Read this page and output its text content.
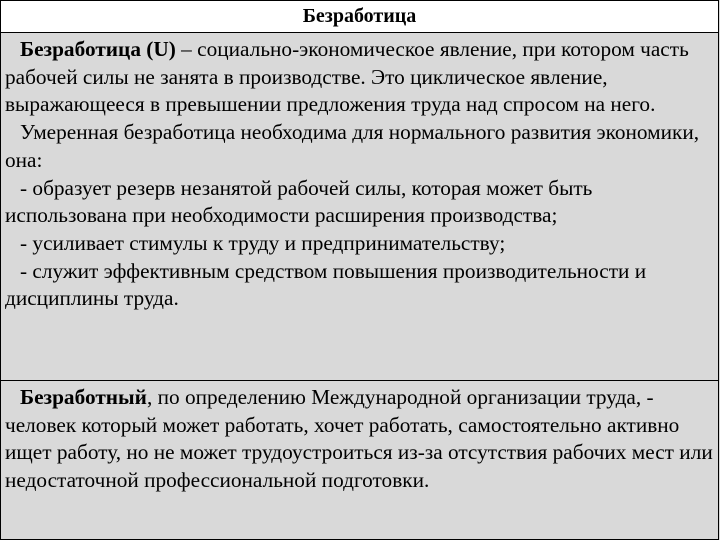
Безработица

Безработица (U) – социально-экономическое явление, при котором часть рабочей силы не занята в производстве. Это циклическое явление, выражающееся в превышении предложения труда над спросом на него.

Умеренная безработица необходима для нормального развития экономики, она:

- образует резерв незанятой рабочей силы, которая может быть использована при необходимости расширения производства;

- усиливает стимулы к труду и предпринимательству;

- служит эффективным средством повышения производительности и дисциплины труда.

Безработный, по определению Международной организации труда, - человек который может работать, хочет работать, самостоятельно активно ищет работу, но не может трудоустроиться из-за отсутствия рабочих мест или недостаточной профессиональной подготовки.
